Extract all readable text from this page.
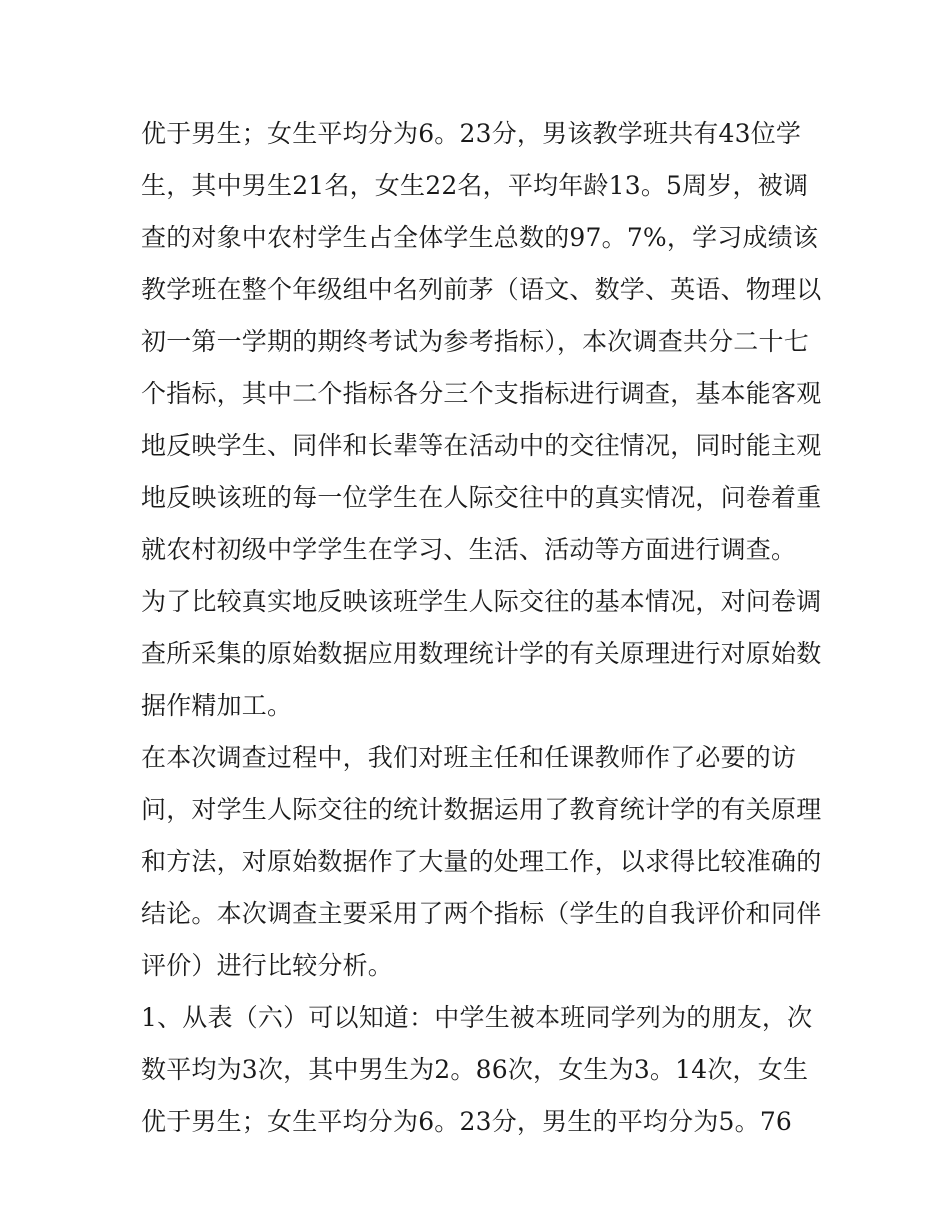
优于男生；女生平均分为6。23分，男该教学班共有43位学
生，其中男生21名，女生22名，平均年龄13。5周岁，被调
查的对象中农村学生占全体学生总数的97。7%，学习成绩该
教学班在整个年级组中名列前茅（语文、数学、英语、物理以
初一第一学期的期终考试为参考指标），本次调查共分二十七
个指标，其中二个指标各分三个支指标进行调查，基本能客观
地反映学生、同伴和长辈等在活动中的交往情况，同时能主观
地反映该班的每一位学生在人际交往中的真实情况，问卷着重
就农村初级中学学生在学习、生活、活动等方面进行调查。
为了比较真实地反映该班学生人际交往的基本情况，对问卷调
查所采集的原始数据应用数理统计学的有关原理进行对原始数
据作精加工。
在本次调查过程中，我们对班主任和任课教师作了必要的访
问，对学生人际交往的统计数据运用了教育统计学的有关原理
和方法，对原始数据作了大量的处理工作，以求得比较准确的
结论。本次调查主要采用了两个指标（学生的自我评价和同伴
评价）进行比较分析。
1、从表（六）可以知道：中学生被本班同学列为的朋友，次
数平均为3次，其中男生为2。86次，女生为3。14次，女生
优于男生；女生平均分为6。23分，男生的平均分为5。76
